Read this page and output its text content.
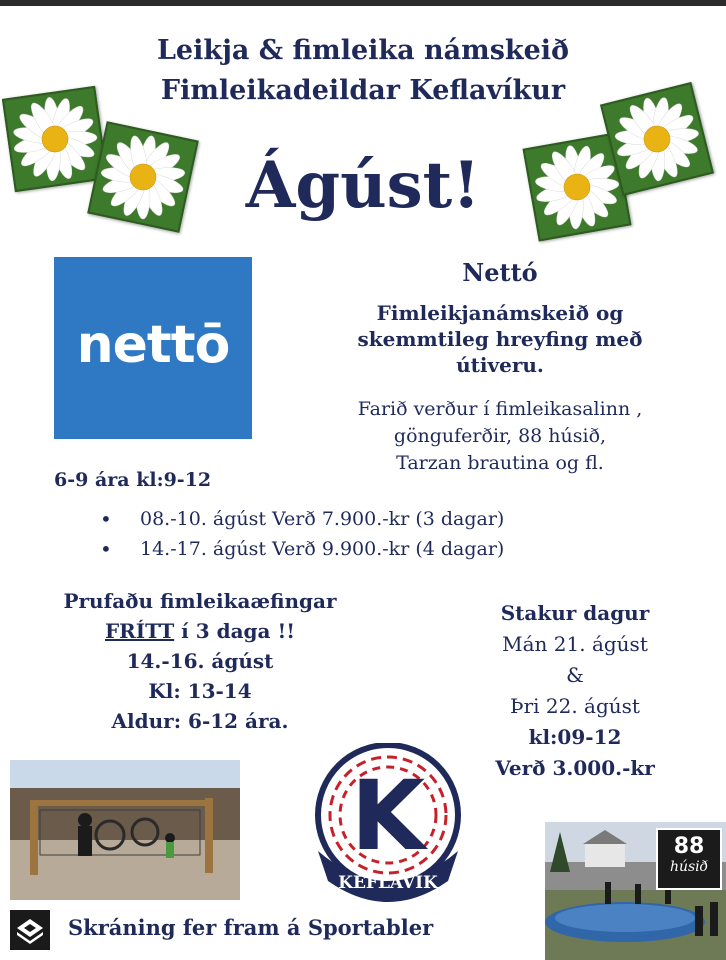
Leikja & fimleika námskeið
Fimleikadeildar Keflavíkur
Ágúst!
nettō
Nettó
Fimleikjanámskeið og
skemmtileg hreyfing með
útiveru.
Farið verður í fimleikasalinn ,
gönguferðir, 88 húsið,
Tarzan brautina og fl.
6-9 ára kl:9-12
• 08.-10. ágúst Verð 7.900.-kr (3 dagar)
• 14.-17. ágúst Verð 9.900.-kr (4 dagar)
Prufaðu fimleikaæfingar
FRÍTT í 3 daga !!
14.-16. ágúst
Kl: 13-14
Aldur: 6-12 ára.
Stakur dagur
Mán 21. ágúst
&
Þri 22. ágúst
kl:09-12
Verð 3.000.-kr
K
KEFLAVÍK
88
húsið
Skráning fer fram á Sportabler
